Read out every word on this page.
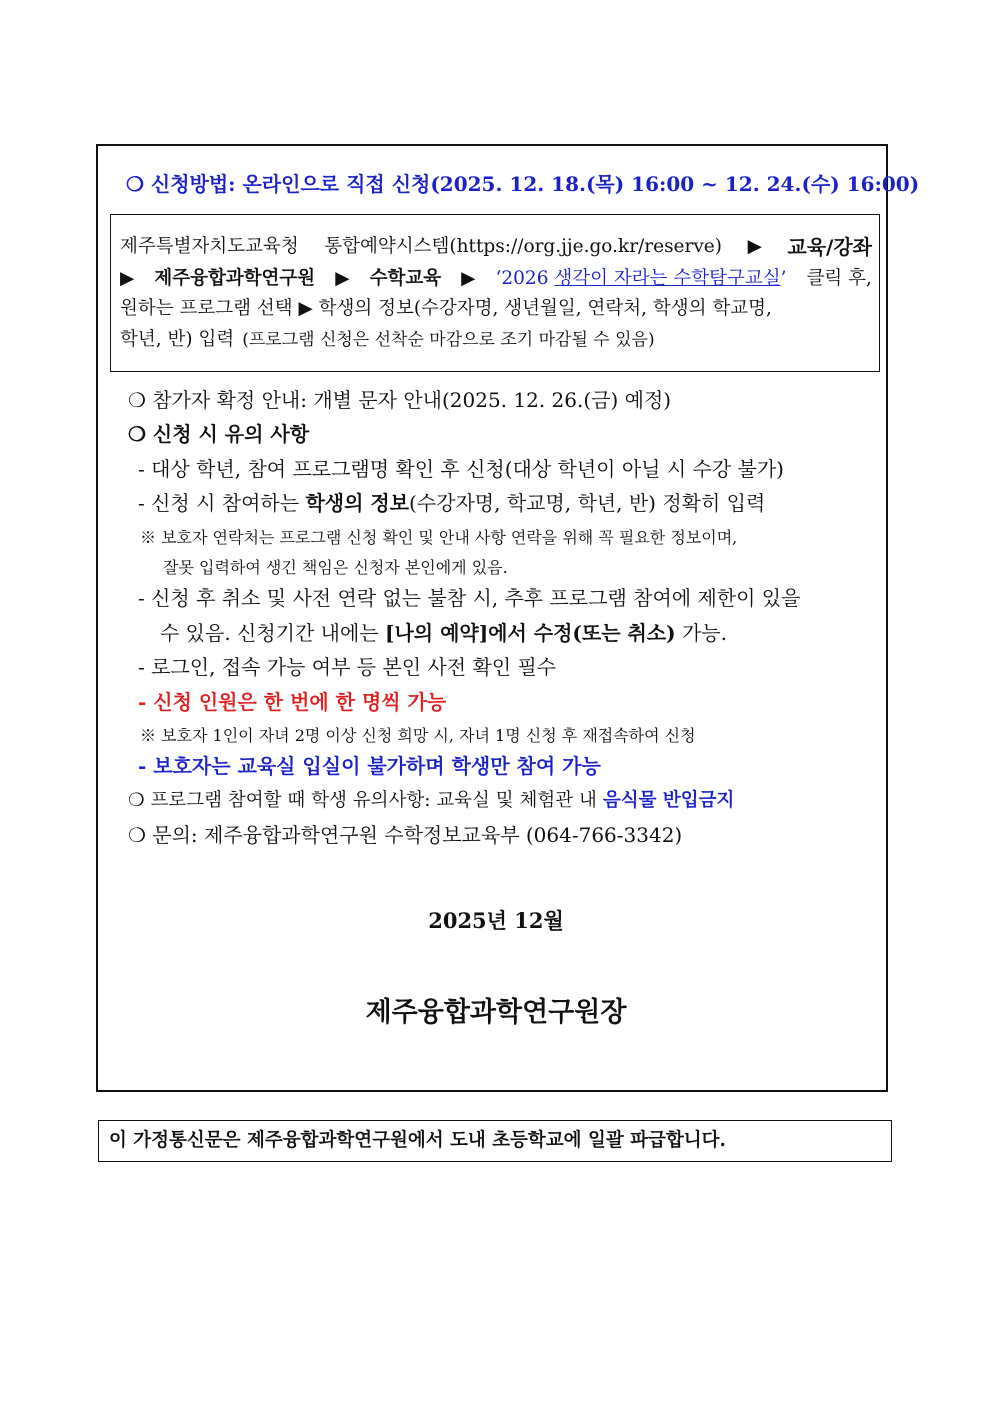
❍ 신청방법: 온라인으로 직접 신청(2025. 12. 18.(목) 16:00 ~ 12. 24.(수) 16:00)
제주특별자치도교육청 통합예약시스템(https://org.jje.go.kr/reserve) ▶ 교육/강좌
▶ 제주융합과학연구원 ▶ 수학교육 ▶ ‘2026 생각이 자라는 수학탐구교실’ 클릭 후,
원하는 프로그램 선택 ▶ 학생의 정보(수강자명, 생년월일, 연락처, 학생의 학교명,
학년, 반) 입력 (프로그램 신청은 선착순 마감으로 조기 마감될 수 있음)
❍ 참가자 확정 안내: 개별 문자 안내(2025. 12. 26.(금) 예정)
❍ 신청 시 유의 사항
- 대상 학년, 참여 프로그램명 확인 후 신청(대상 학년이 아닐 시 수강 불가)
- 신청 시 참여하는 학생의 정보(수강자명, 학교명, 학년, 반) 정확히 입력
※ 보호자 연락처는 프로그램 신청 확인 및 안내 사항 연락을 위해 꼭 필요한 정보이며,
잘못 입력하여 생긴 책임은 신청자 본인에게 있음.
- 신청 후 취소 및 사전 연락 없는 불참 시, 추후 프로그램 참여에 제한이 있을
수 있음. 신청기간 내에는 [나의 예약]에서 수정(또는 취소) 가능.
- 로그인, 접속 가능 여부 등 본인 사전 확인 필수
- 신청 인원은 한 번에 한 명씩 가능
※ 보호자 1인이 자녀 2명 이상 신청 희망 시, 자녀 1명 신청 후 재접속하여 신청
- 보호자는 교육실 입실이 불가하며 학생만 참여 가능
❍ 프로그램 참여할 때 학생 유의사항: 교육실 및 체험관 내 음식물 반입금지
❍ 문의: 제주융합과학연구원 수학정보교육부 (064-766-3342)
2025년 12월
제주융합과학연구원장
이 가정통신문은 제주융합과학연구원에서 도내 초등학교에 일괄 파급합니다.
